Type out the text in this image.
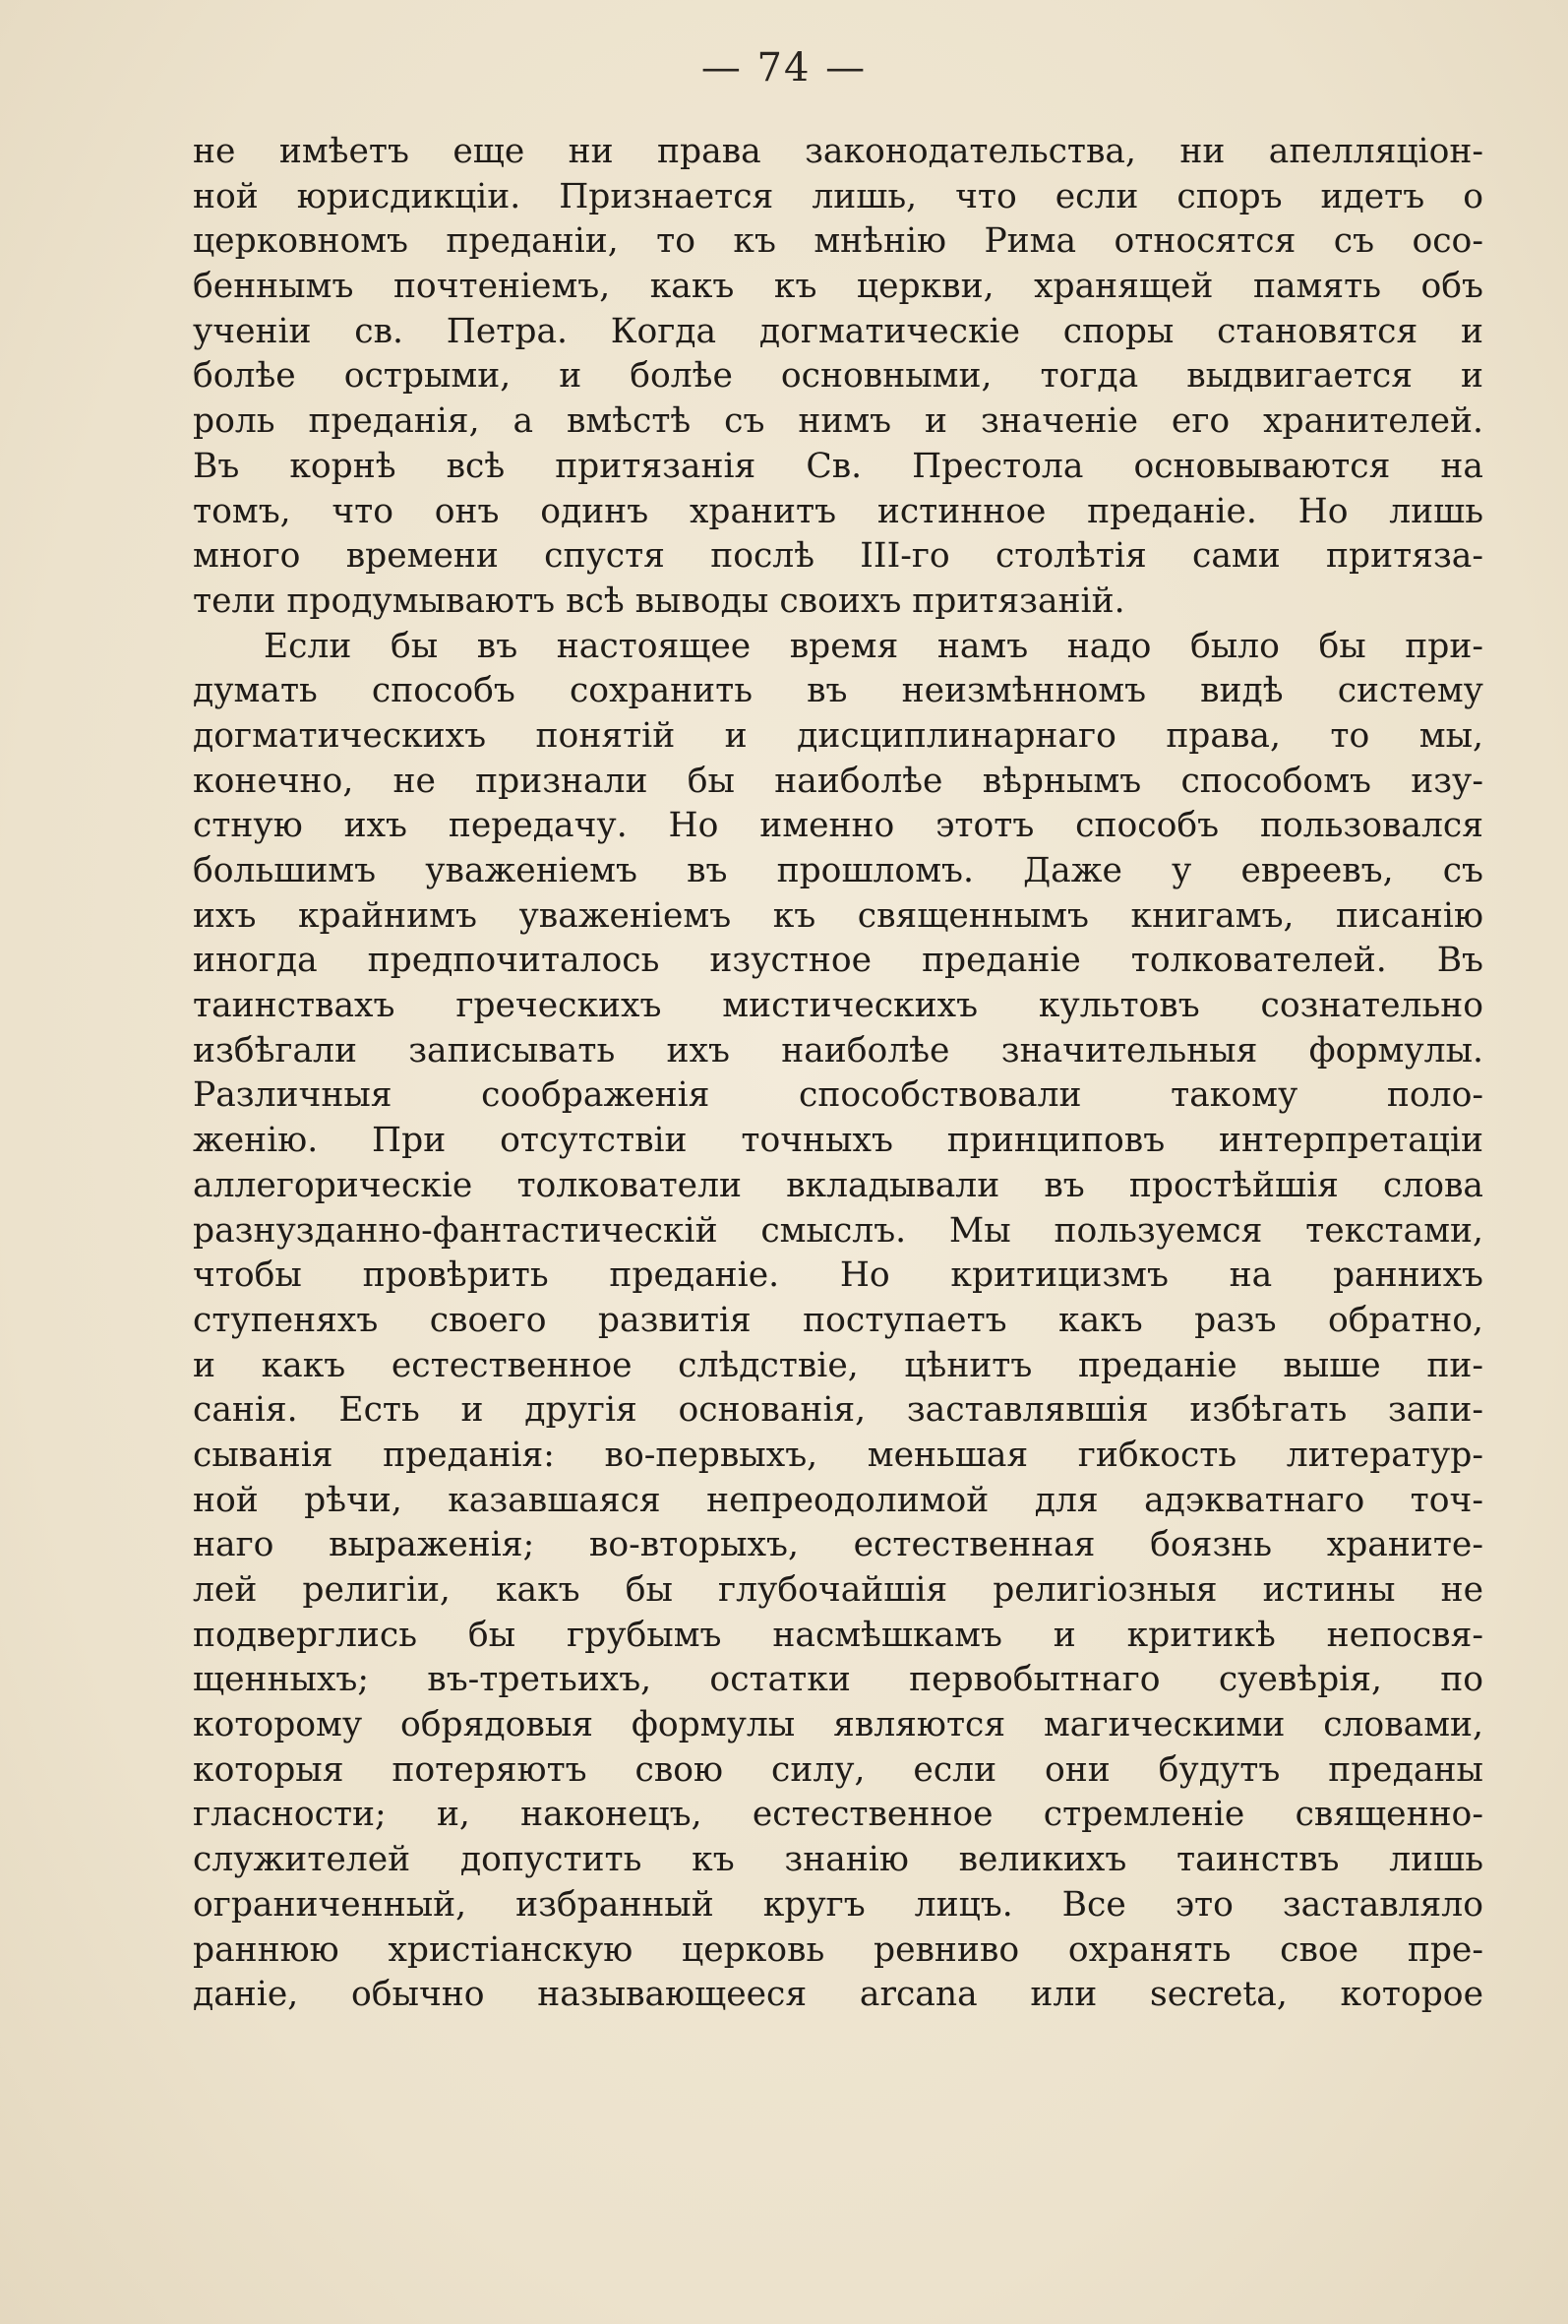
— 74 —
не имѣетъ еще ни права законодательства, ни апелляціон-
ной юрисдикціи. Признается лишь, что если споръ идетъ о
церковномъ преданіи, то къ мнѣнію Рима относятся съ осо-
беннымъ почтеніемъ, какъ къ церкви, хранящей память объ
ученіи св. Петра. Когда догматическіе споры становятся и
болѣе острыми, и болѣе основными, тогда выдвигается и
роль преданія, а вмѣстѣ съ нимъ и значеніе его хранителей.
Въ корнѣ всѣ притязанія Св. Престола основываются на
томъ, что онъ одинъ хранитъ истинное преданіе. Но лишь
много времени спустя послѣ III-го столѣтія сами притяза-
тели продумываютъ всѣ выводы своихъ притязаній.
Если бы въ настоящее время намъ надо было бы при-
думать способъ сохранить въ неизмѣнномъ видѣ систему
догматическихъ понятій и дисциплинарнаго права, то мы,
конечно, не признали бы наиболѣе вѣрнымъ способомъ изу-
стную ихъ передачу. Но именно этотъ способъ пользовался
большимъ уваженіемъ въ прошломъ. Даже у евреевъ, съ
ихъ крайнимъ уваженіемъ къ священнымъ книгамъ, писанію
иногда предпочиталось изустное преданіе толкователей. Въ
таинствахъ греческихъ мистическихъ культовъ сознательно
избѣгали записывать ихъ наиболѣе значительныя формулы.
Различныя соображенія способствовали такому поло-
женію. При отсутствіи точныхъ принциповъ интерпретаціи
аллегорическіе толкователи вкладывали въ простѣйшія слова
разнузданно-фантастическій смыслъ. Мы пользуемся текстами,
чтобы провѣрить преданіе. Но критицизмъ на раннихъ
ступеняхъ своего развитія поступаетъ какъ разъ обратно,
и какъ естественное слѣдствіе, цѣнитъ преданіе выше пи-
санія. Есть и другія основанія, заставлявшія избѣгать запи-
сыванія преданія: во-первыхъ, меньшая гибкость литератур-
ной рѣчи, казавшаяся непреодолимой для адэкватнаго точ-
наго выраженія; во-вторыхъ, естественная боязнь хранитe-
лей религіи, какъ бы глубочайшія религіозныя истины не
подверглись бы грубымъ насмѣшкамъ и критикѣ непосвя-
щенныхъ; въ-третьихъ, остатки первобытнаго суевѣрія, по
которому обрядовыя формулы являются магическими словами,
которыя потеряютъ свою силу, если они будутъ преданы
гласности; и, наконецъ, естественное стремленіе священно-
служителей допустить къ знанію великихъ таинствъ лишь
ограниченный, избранный кругъ лицъ. Все это заставляло
раннюю христіанскую церковь ревниво охранять свое пре-
даніе, обычно называющееся arcana или secreta, которое
